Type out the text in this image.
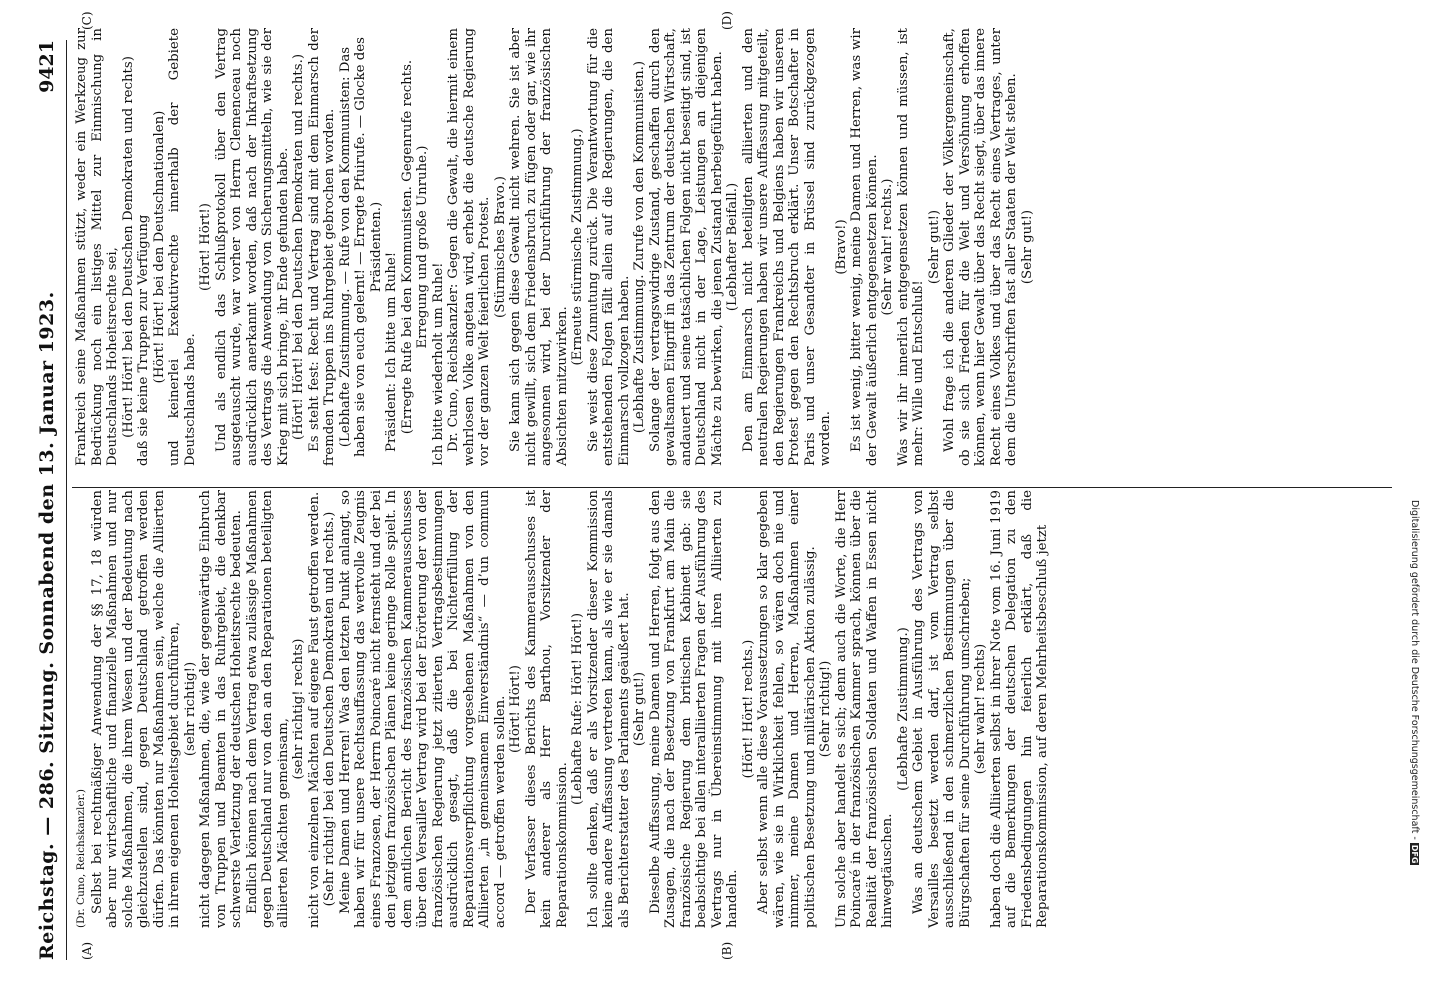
Reichstag. — 286. Sitzung. Sonnabend den 13. Januar 1923.
9421
(A)	(B)
(C)	(D)

(Dr. Cuno, Reichskanzler.) Selbst bei rechtmäßiger Anwendung der §§ 17, 18 würden aber nur wirtschaftliche und finanzielle Maßnahmen und nur solche Maßnahmen, die ihrem Wesen und der Bedeutung nach gleichzustellen sind, gegen Deutschland getroffen werden dürfen. Das könnten nur Maßnahmen sein, welche die Alliierten in ihrem eigenen Hoheitsgebiet durchführen, (sehr richtig!) nicht dagegen Maßnahmen, die, wie der gegenwärtige Einbruch von Truppen und Beamten in das Ruhrgebiet, die denkbar schwerste Verletzung der deutschen Hoheitsrechte bedeuten. Endlich können nach dem Vertrag etwa zulässige Maßnahmen gegen Deutschland nur von den an den Reparationen beteiligten alliierten Mächten gemeinsam,

(sehr richtig! rechts) nicht von einzelnen Mächten auf eigene Faust getroffen werden. (Sehr richtig! bei den Deutschen Demokraten und rechts.) Meine Damen und Herren! Was den letzten Punkt anlangt, so haben wir für unsere Rechtsauffassung das wertvolle Zeugnis eines Franzosen, der Herrn Poincaré nicht fernsteht und der bei den jetzigen französischen Plänen keine geringe Rolle spielt. In dem amtlichen Bericht des französischen Kammerausschusses über den Versailler Vertrag wird bei der Erörterung der von der französischen Regierung jetzt zitierten Vertragsbestimmungen ausdrücklich gesagt, daß die bei Nichterfüllung der Reparationsverpflichtung vorgesehenen Maßnahmen von den Alliierten „in gemeinsamem Einverständnis“ — d’un commun accord — getroffen werden sollen. (Hört! Hört!) Der Verfasser dieses Berichts des Kammerausschusses ist kein anderer als Herr Barthou, Vorsitzender der Reparationskommission.

(Lebhafte Rufe: Hört! Hört!) Ich sollte denken, daß er als Vorsitzender dieser Kommission keine andere Auffassung vertreten kann, als wie er sie damals als Berichterstatter des Parlaments geäußert hat. (Sehr gut!) Dieselbe Auffassung, meine Damen und Herren, folgt aus den Zusagen, die nach der Besetzung von Frankfurt am Main die französische Regierung dem britischen Kabinett gab: sie beabsichtige bei allen interalliierten Fragen der Ausführung des Vertrags nur in Übereinstimmung mit ihren Alliierten zu handeln.

(Hört! Hört! rechts.) Aber selbst wenn alle diese Voraussetzungen so klar gegeben wären, wie sie in Wirklichkeit fehlen, so wären doch nie und nimmer, meine Damen und Herren, Maßnahmen einer politischen Besetzung und militärischen Aktion zulässig. (Sehr richtig!) Um solche aber handelt es sich; denn auch die Worte, die Herr Poincaré in der französischen Kammer sprach, können über die Realität der französischen Soldaten und Waffen in Essen nicht hinwegtäuschen.

(Lebhafte Zustimmung.) Was an deutschem Gebiet in Ausführung des Vertrags von Versailles besetzt werden darf, ist vom Vertrag selbst ausschließend in den schmerzlichen Bestimmungen über die Bürgschaften für seine Durchführung umschrieben; (sehr wahr! rechts) haben doch die Alliierten selbst in ihrer Note vom 16. Juni 1919 auf die Bemerkungen der deutschen Delegation zu den Friedensbedingungen hin feierlich erklärt, daß die Reparationskommission, auf deren Mehrheitsbeschluß jetzt

Frankreich seine Maßnahmen stützt, weder ein Werkzeug zur Bedrückung noch ein listiges Mittel zur Einmischung in Deutschlands Hoheitsrechte sei, (Hört! Hört! bei den Deutschen Demokraten und rechts) daß sie keine Truppen zur Verfügung (Hört! Hört! bei den Deutschnationalen) und keinerlei Exekutivrechte innerhalb der Gebiete Deutschlands habe.

(Hört! Hört!) Und als endlich das Schlußprotokoll über den Vertrag ausgetauscht wurde, war vorher von Herrn Clemenceau noch ausdrücklich anerkannt worden, daß nach der Inkraftsetzung des Vertrags die Anwendung von Sicherungsmitteln, wie sie der Krieg mit sich bringe, ihr Ende gefunden habe. (Hört! Hört! bei den Deutschen Demokraten und rechts.) Es steht fest: Recht und Vertrag sind mit dem Einmarsch der fremden Truppen ins Ruhrgebiet gebrochen worden. (Lebhafte Zustimmung. — Rufe von den Kommunisten: Das haben sie von euch gelernt! — Erregte Pfuirufe. — Glocke des Präsidenten.)

Präsident: Ich bitte um Ruhe! (Erregte Rufe bei den Kommunisten. Gegenrufe rechts. Erregung und große Unruhe.)

Ich bitte wiederholt um Ruhe! Dr. Cuno, Reichskanzler: Gegen die Gewalt, die hiermit einem wehrlosen Volke angetan wird, erhebt die deutsche Regierung vor der ganzen Welt feierlichen Protest. (Stürmisches Bravo.) Sie kann sich gegen diese Gewalt nicht wehren. Sie ist aber nicht gewillt, sich dem Friedensbruch zu fügen oder gar, wie ihr angesonnen wird, bei der Durchführung der französischen Absichten mitzuwirken.

(Erneute stürmische Zustimmung.) Sie weist diese Zumutung zurück. Die Verantwortung für die entstehenden Folgen fällt allein auf die Regierungen, die den Einmarsch vollzogen haben. (Lebhafte Zustimmung. Zurufe von den Kommunisten.) Solange der vertragswidrige Zustand, geschaffen durch den gewaltsamen Eingriff in das Zentrum der deutschen Wirtschaft, andauert und seine tatsächlichen Folgen nicht beseitigt sind, ist Deutschland nicht in der Lage, Leistungen an diejenigen Mächte zu bewirken, die jenen Zustand herbeigeführt haben. (Lebhafter Beifall.) Den am Einmarsch nicht beteiligten alliierten und den neutralen Regierungen haben wir unsere Auffassung mitgeteilt, den Regierungen Frankreichs und Belgiens haben wir unseren Protest gegen den Rechtsbruch erklärt. Unser Botschafter in Paris und unser Gesandter in Brüssel sind zurückgezogen worden.

(Bravo!) Es ist wenig, bitter wenig, meine Damen und Herren, was wir der Gewalt äußerlich entgegensetzen können. (Sehr wahr! rechts.) Was wir ihr innerlich entgegensetzen können und müssen, ist mehr: Wille und Entschluß!

(Sehr gut!) Wohl frage ich die anderen Glieder der Völkergemeinschaft, ob sie sich Frieden für die Welt und Versöhnung erhoffen können, wenn hier Gewalt über das Recht siegt, über das innere Recht eines Volkes und über das Recht eines Vertrages, unter dem die Unterschriften fast aller Staaten der Welt stehen. (Sehr gut!)

Digitalisierung gefördert durch die Deutsche Forschungsgemeinschaft -DFG
